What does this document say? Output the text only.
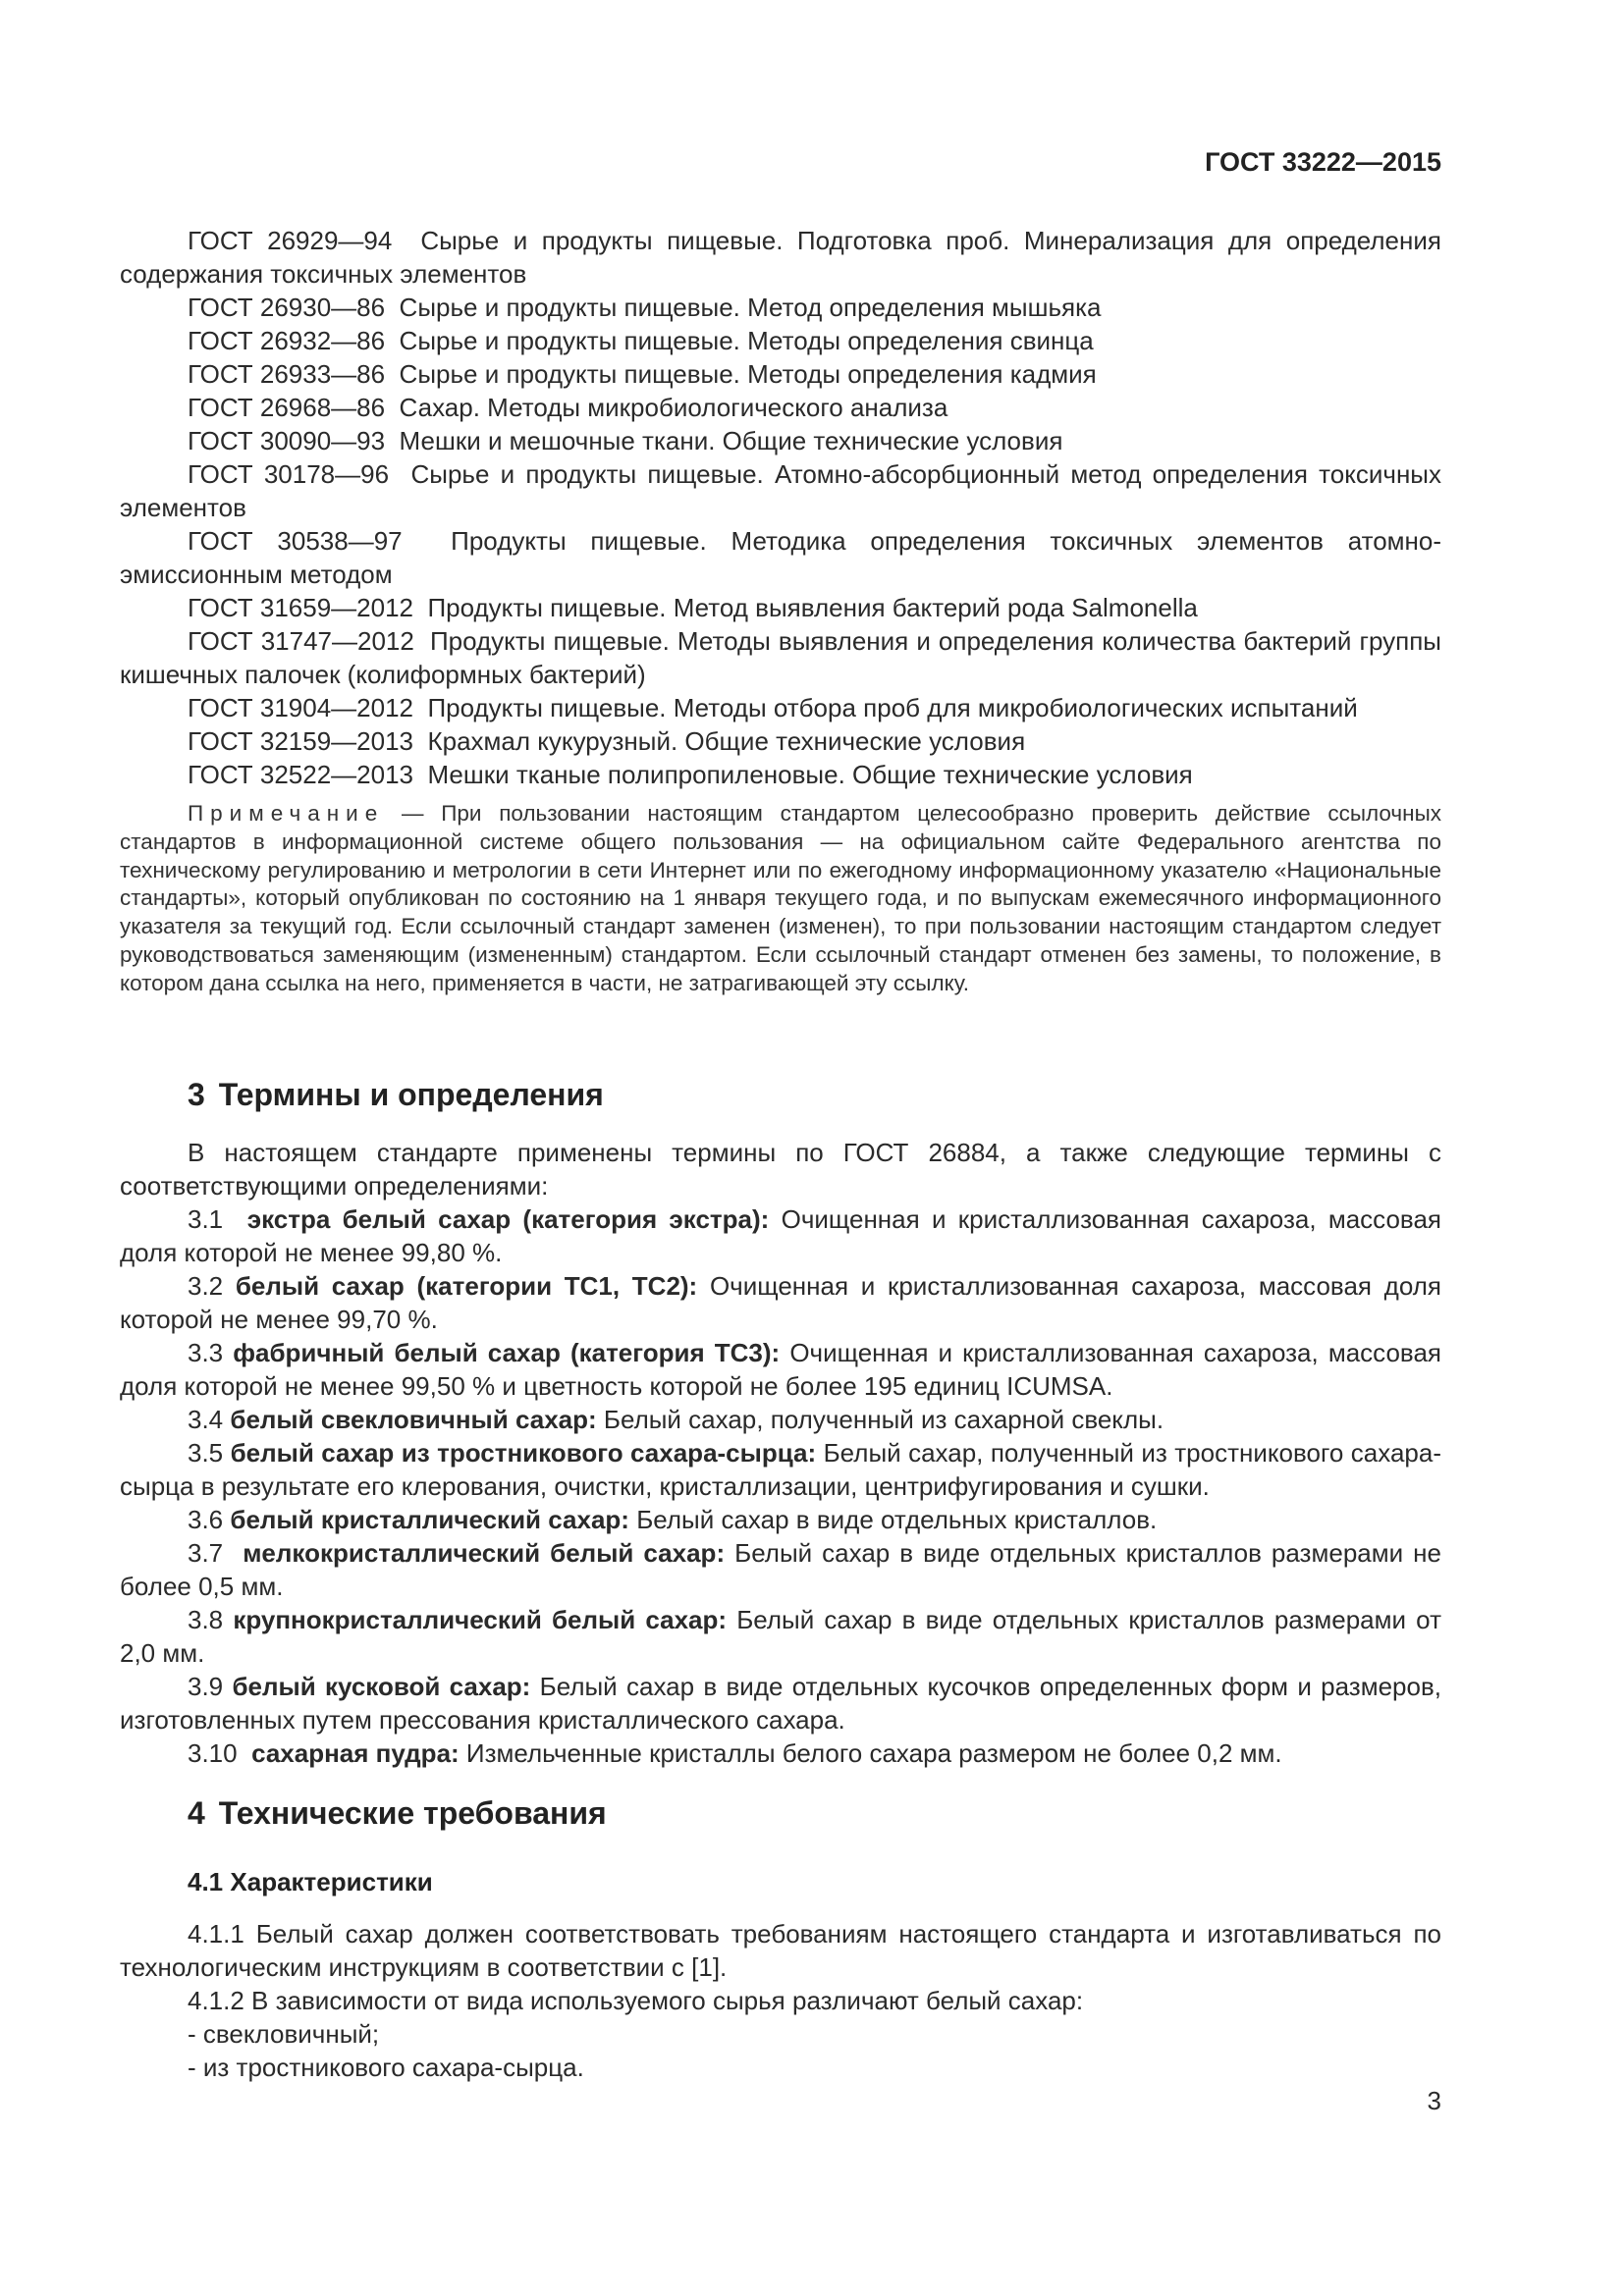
ГОСТ 33222—2015

ГОСТ 26929—94 Сырье и продукты пищевые. Подготовка проб. Минерализация для определения содержания токсичных элементов

ГОСТ 26930—86 Сырье и продукты пищевые. Метод определения мышьяка

ГОСТ 26932—86 Сырье и продукты пищевые. Методы определения свинца

ГОСТ 26933—86 Сырье и продукты пищевые. Методы определения кадмия

ГОСТ 26968—86 Сахар. Методы микробиологического анализа

ГОСТ 30090—93 Мешки и мешочные ткани. Общие технические условия

ГОСТ 30178—96 Сырье и продукты пищевые. Атомно-абсорбционный метод определения токсичных элементов

ГОСТ 30538—97 Продукты пищевые. Методика определения токсичных элементов атомно-эмиссионным методом

ГОСТ 31659—2012 Продукты пищевые. Метод выявления бактерий рода Salmonella

ГОСТ 31747—2012 Продукты пищевые. Методы выявления и определения количества бактерий группы кишечных палочек (колиформных бактерий)

ГОСТ 31904—2012 Продукты пищевые. Методы отбора проб для микробиологических испытаний

ГОСТ 32159—2013 Крахмал кукурузный. Общие технические условия

ГОСТ 32522—2013 Мешки тканые полипропиленовые. Общие технические условия

Примечание — При пользовании настоящим стандартом целесообразно проверить действие ссылочных стандартов в информационной системе общего пользования — на официальном сайте Федерального агентства по техническому регулированию и метрологии в сети Интернет или по ежегодному информационному указателю «Национальные стандарты», который опубликован по состоянию на 1 января текущего года, и по выпускам ежемесячного информационного указателя за текущий год. Если ссылочный стандарт заменен (изменен), то при пользовании настоящим стандартом следует руководствоваться заменяющим (измененным) стандартом. Если ссылочный стандарт отменен без замены, то положение, в котором дана ссылка на него, применяется в части, не затрагивающей эту ссылку.

3 Термины и определения

В настоящем стандарте применены термины по ГОСТ 26884, а также следующие термины с соответствующими определениями:

3.1 экстра белый сахар (категория экстра): Очищенная и кристаллизованная сахароза, массовая доля которой не менее 99,80 %.

3.2 белый сахар (категории ТС1, ТС2): Очищенная и кристаллизованная сахароза, массовая доля которой не менее 99,70 %.

3.3 фабричный белый сахар (категория ТС3): Очищенная и кристаллизованная сахароза, массовая доля которой не менее 99,50 % и цветность которой не более 195 единиц ICUMSA.

3.4 белый свекловичный сахар: Белый сахар, полученный из сахарной свеклы.

3.5 белый сахар из тростникового сахара-сырца: Белый сахар, полученный из тростникового сахара-сырца в результате его клерования, очистки, кристаллизации, центрифугирования и сушки.

3.6 белый кристаллический сахар: Белый сахар в виде отдельных кристаллов.

3.7 мелкокристаллический белый сахар: Белый сахар в виде отдельных кристаллов размерами не более 0,5 мм.

3.8 крупнокристаллический белый сахар: Белый сахар в виде отдельных кристаллов размерами от 2,0 мм.

3.9 белый кусковой сахар: Белый сахар в виде отдельных кусочков определенных форм и размеров, изготовленных путем прессования кристаллического сахара.

3.10 сахарная пудра: Измельченные кристаллы белого сахара размером не более 0,2 мм.

4 Технические требования
4.1 Характеристики

4.1.1 Белый сахар должен соответствовать требованиям настоящего стандарта и изготавливаться по технологическим инструкциям в соответствии с [1].

4.1.2 В зависимости от вида используемого сырья различают белый сахар:

- свекловичный;

- из тростникового сахара-сырца.

3
